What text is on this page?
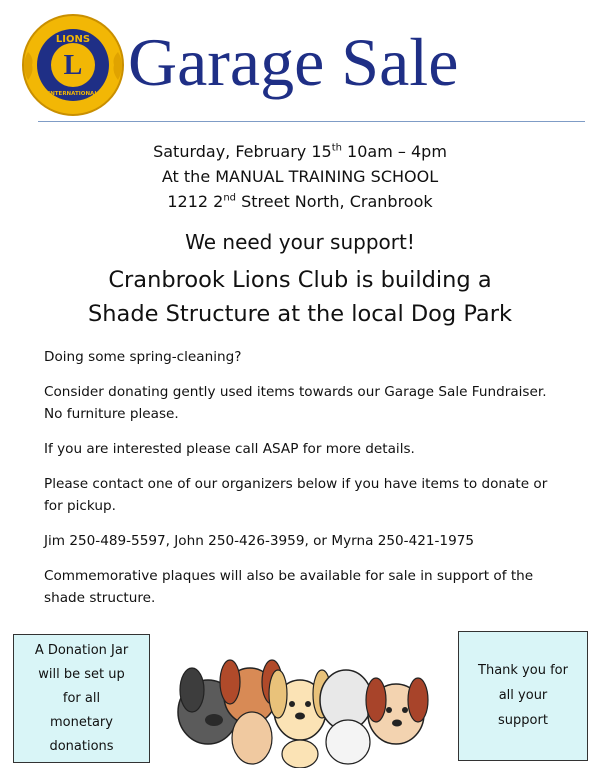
L
LIONS
INTERNATIONAL Garage Sale
Saturday, February 15th 10am – 4pm
At the MANUAL TRAINING SCHOOL
1212 2nd Street North, Cranbrook
We need your support!
Cranbrook Lions Club is building a
Shade Structure at the local Dog Park

Doing some spring-cleaning?

Consider donating gently used items towards our Garage Sale Fundraiser. No furniture please.

If you are interested please call ASAP for more details.

Please contact one of our organizers below if you have items to donate or for pickup.

Jim 250-489-5597, John 250-426-3959, or Myrna 250-421-1975

Commemorative plaques will also be available for sale in support of the shade structure.

A Donation Jar
will be set up
for all
monetary
donations
Thank you for
all your
support
